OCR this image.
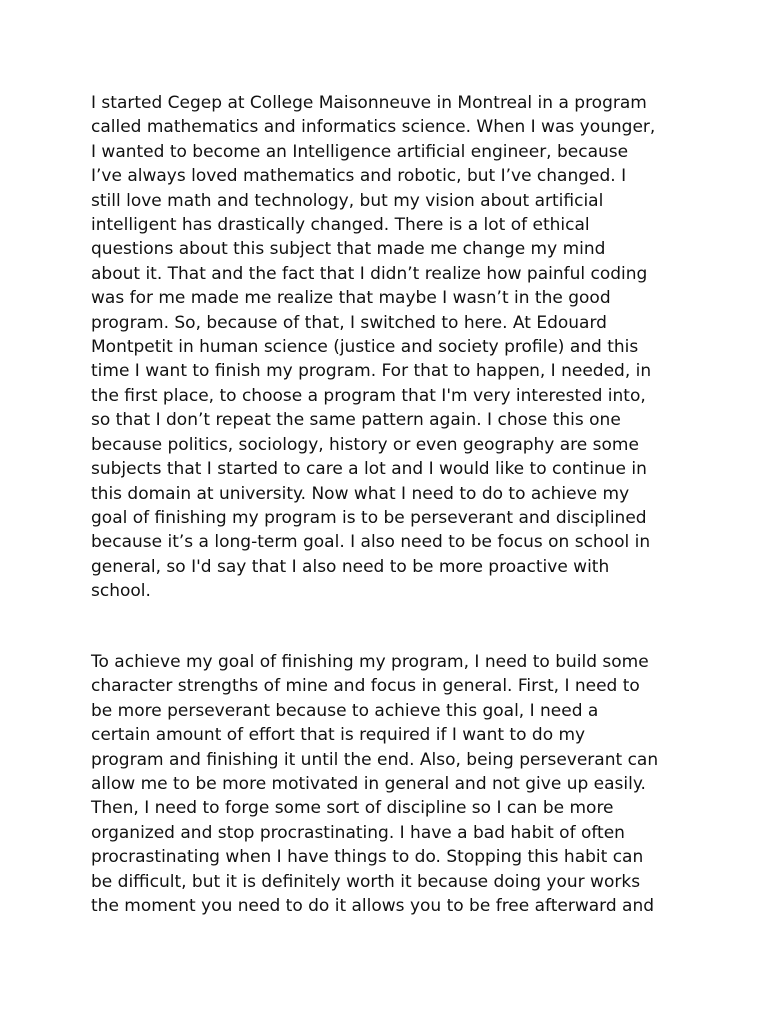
I started Cegep at College Maisonneuve in Montreal in a program
called mathematics and informatics science. When I was younger,
I wanted to become an Intelligence artificial engineer, because
I’ve always loved mathematics and robotic, but I’ve changed. I
still love math and technology, but my vision about artificial
intelligent has drastically changed. There is a lot of ethical
questions about this subject that made me change my mind
about it. That and the fact that I didn’t realize how painful coding
was for me made me realize that maybe I wasn’t in the good
program. So, because of that, I switched to here. At Edouard
Montpetit in human science (justice and society profile) and this
time I want to finish my program. For that to happen, I needed, in
the first place, to choose a program that I'm very interested into,
so that I don’t repeat the same pattern again. I chose this one
because politics, sociology, history or even geography are some
subjects that I started to care a lot and I would like to continue in
this domain at university. Now what I need to do to achieve my
goal of finishing my program is to be perseverant and disciplined
because it’s a long-term goal. I also need to be focus on school in
general, so I'd say that I also need to be more proactive with
school.

To achieve my goal of finishing my program, I need to build some
character strengths of mine and focus in general. First, I need to
be more perseverant because to achieve this goal, I need a
certain amount of effort that is required if I want to do my
program and finishing it until the end. Also, being perseverant can
allow me to be more motivated in general and not give up easily.
Then, I need to forge some sort of discipline so I can be more
organized and stop procrastinating. I have a bad habit of often
procrastinating when I have things to do. Stopping this habit can
be difficult, but it is definitely worth it because doing your works
the moment you need to do it allows you to be free afterward and
